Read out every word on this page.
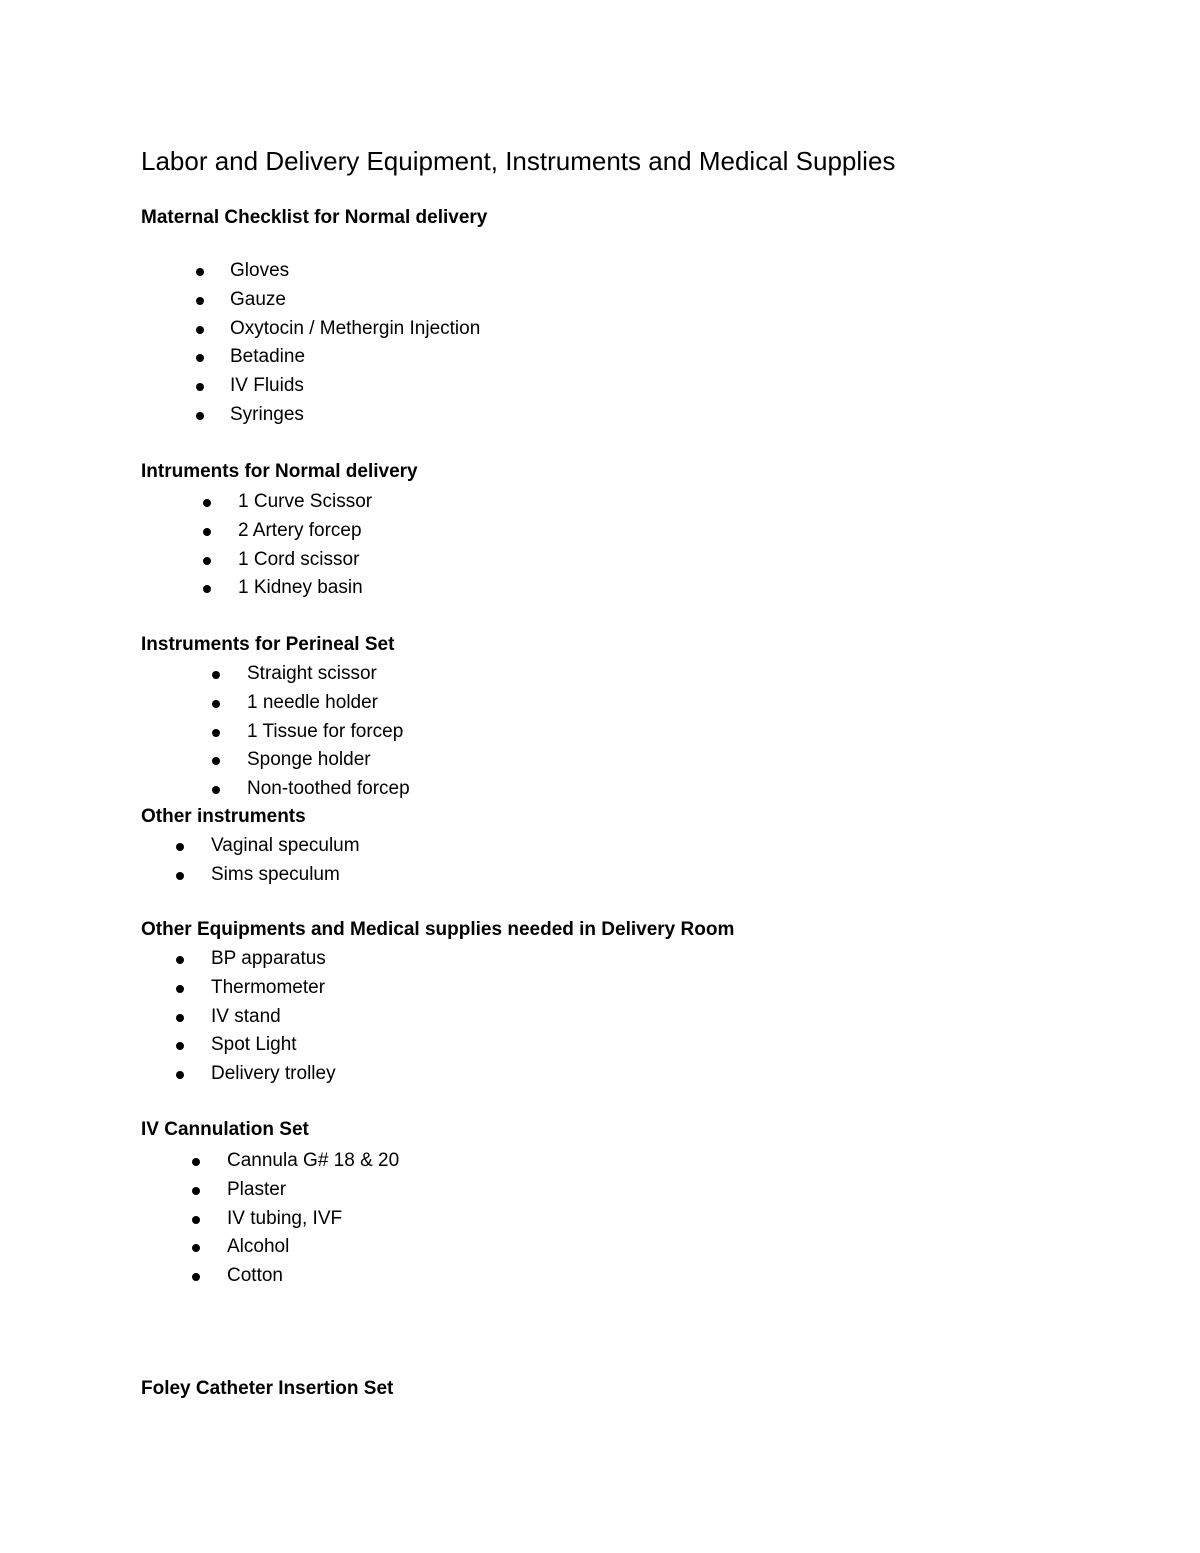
Labor and Delivery Equipment, Instruments and Medical Supplies
Maternal Checklist for Normal delivery
Gloves
Gauze
Oxytocin / Methergin Injection
Betadine
IV Fluids
Syringes
Intruments for Normal delivery
1 Curve Scissor
2 Artery forcep
1 Cord scissor
1 Kidney basin
Instruments for Perineal Set
Straight scissor
1 needle holder
1 Tissue for forcep
Sponge holder
Non-toothed forcep
Other instruments
Vaginal speculum
Sims speculum
Other Equipments and Medical supplies needed in Delivery Room
BP apparatus
Thermometer
IV stand
Spot Light
Delivery trolley
IV Cannulation Set
Cannula G# 18 & 20
Plaster
IV tubing, IVF
Alcohol
Cotton
Foley Catheter Insertion Set
